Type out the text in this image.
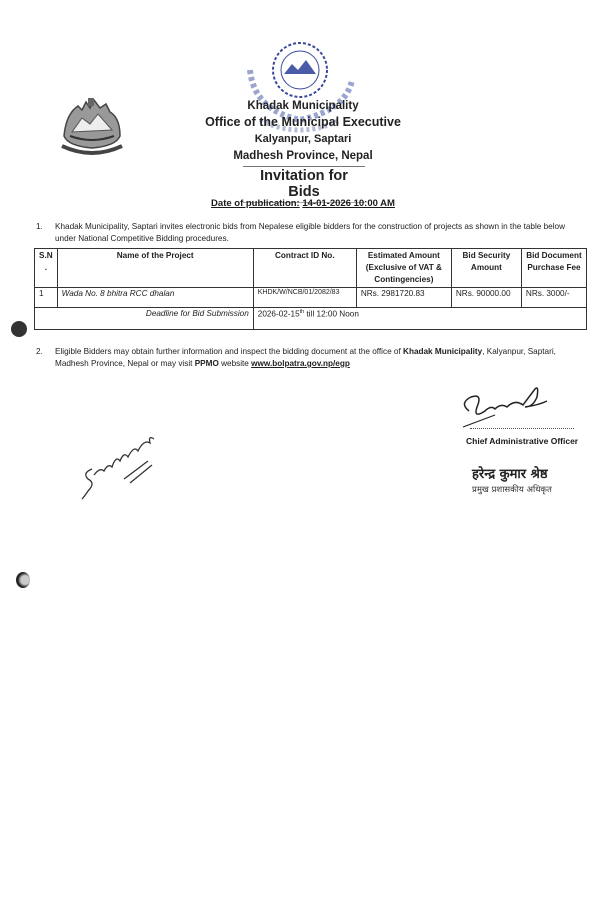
Khadak Municipality
Office of the Municipal Executive
Kalyanpur, Saptari
Madhesh Province, Nepal
Invitation for Bids
Date of publication: 14-01-2026 10:00 AM
1. Khadak Municipality, Saptari invites electronic bids from Nepalese eligible bidders for the construction of projects as shown in the table below under National Competitive Bidding procedures.
S.N .	Name of the Project	Contract ID No.	Estimated Amount (Exclusive of VAT & Contingencies)	Bid Security Amount	Bid Document Purchase Fee
1	Wada No. 8 bhitra RCC dhalan	KHDK/W/NCB/01/2082/83	NRs. 2981720.83	NRs. 90000.00	NRs. 3000/-
Deadline for Bid Submission		2026-02-15th till 12:00 Noon			
2. Eligible Bidders may obtain further information and inspect the bidding document at the office of Khadak Municipality, Kalyanpur, Saptari, Madhesh Province, Nepal or may visit PPMO website www.bolpatra.gov.np/egp
Chief Administrative Officer
हरेन्द्र कुमार श्रेष्ठ
प्रमुख प्रशासकीय अधिकृत
